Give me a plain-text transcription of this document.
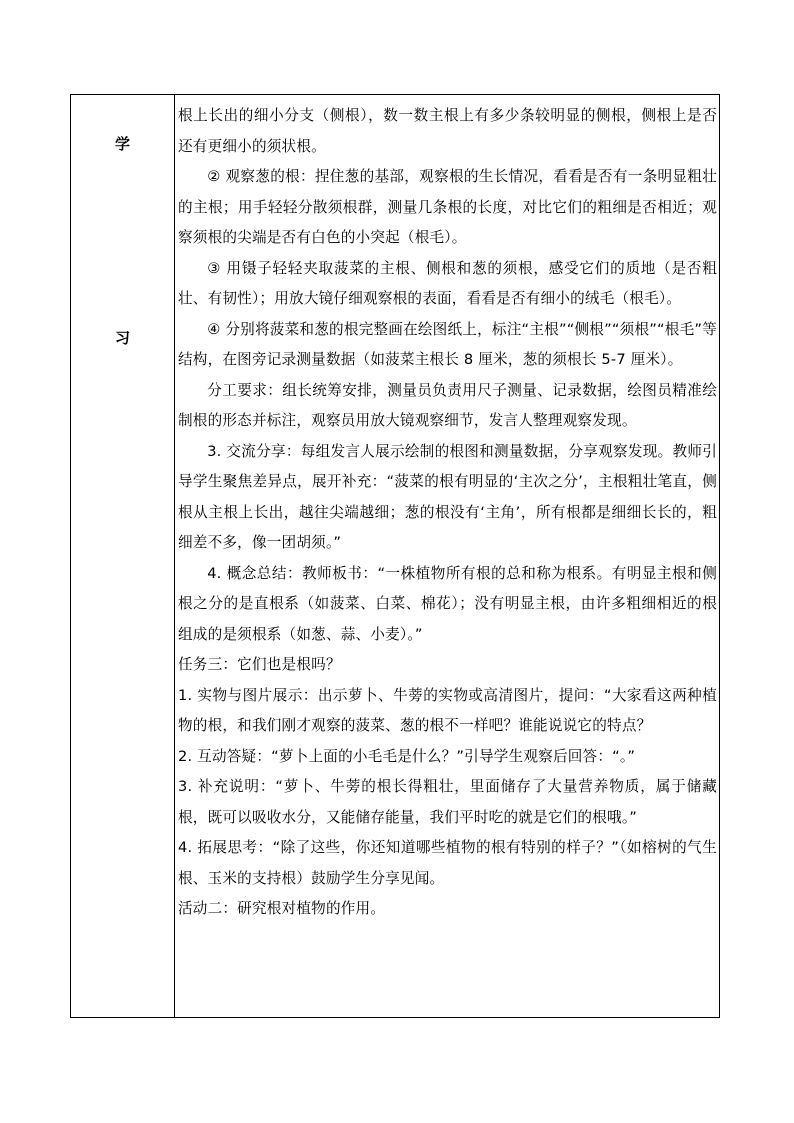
学
习

根上长出的细小分支（侧根），数一数主根上有多少条较明显的侧根，侧根上是否还有更细小的须状根。

② 观察葱的根：捏住葱的基部，观察根的生长情况，看看是否有一条明显粗壮的主根；用手轻轻分散须根群，测量几条根的长度，对比它们的粗细是否相近；观察须根的尖端是否有白色的小突起（根毛）。

③ 用镊子轻轻夹取菠菜的主根、侧根和葱的须根，感受它们的质地（是否粗壮、有韧性）；用放大镜仔细观察根的表面，看看是否有细小的绒毛（根毛）。

④ 分别将菠菜和葱的根完整画在绘图纸上，标注“主根”“侧根”“须根”“根毛”等结构，在图旁记录测量数据（如菠菜主根长 8 厘米，葱的须根长 5-7 厘米）。

分工要求：组长统筹安排，测量员负责用尺子测量、记录数据，绘图员精准绘制根的形态并标注，观察员用放大镜观察细节，发言人整理观察发现。

3. 交流分享：每组发言人展示绘制的根图和测量数据，分享观察发现。教师引导学生聚焦差异点，展开补充：“菠菜的根有明显的‘主次之分’，主根粗壮笔直，侧根从主根上长出，越往尖端越细；葱的根没有‘主角’，所有根都是细细长长的，粗细差不多，像一团胡须。”

4. 概念总结：教师板书：“一株植物所有根的总和称为根系。有明显主根和侧根之分的是直根系（如菠菜、白菜、棉花）；没有明显主根，由许多粗细相近的根组成的是须根系（如葱、蒜、小麦）。”

任务三：它们也是根吗？

1. 实物与图片展示：出示萝卜、牛蒡的实物或高清图片，提问：“大家看这两种植物的根，和我们刚才观察的菠菜、葱的根不一样吧？谁能说说它的特点？

2. 互动答疑：“萝卜上面的小毛毛是什么？”引导学生观察后回答：“。”

3. 补充说明：“萝卜、牛蒡的根长得粗壮，里面储存了大量营养物质，属于储藏根，既可以吸收水分，又能储存能量，我们平时吃的就是它们的根哦。”

4. 拓展思考：“除了这些，你还知道哪些植物的根有特别的样子？”（如榕树的气生根、玉米的支持根）鼓励学生分享见闻。

活动二：研究根对植物的作用。
